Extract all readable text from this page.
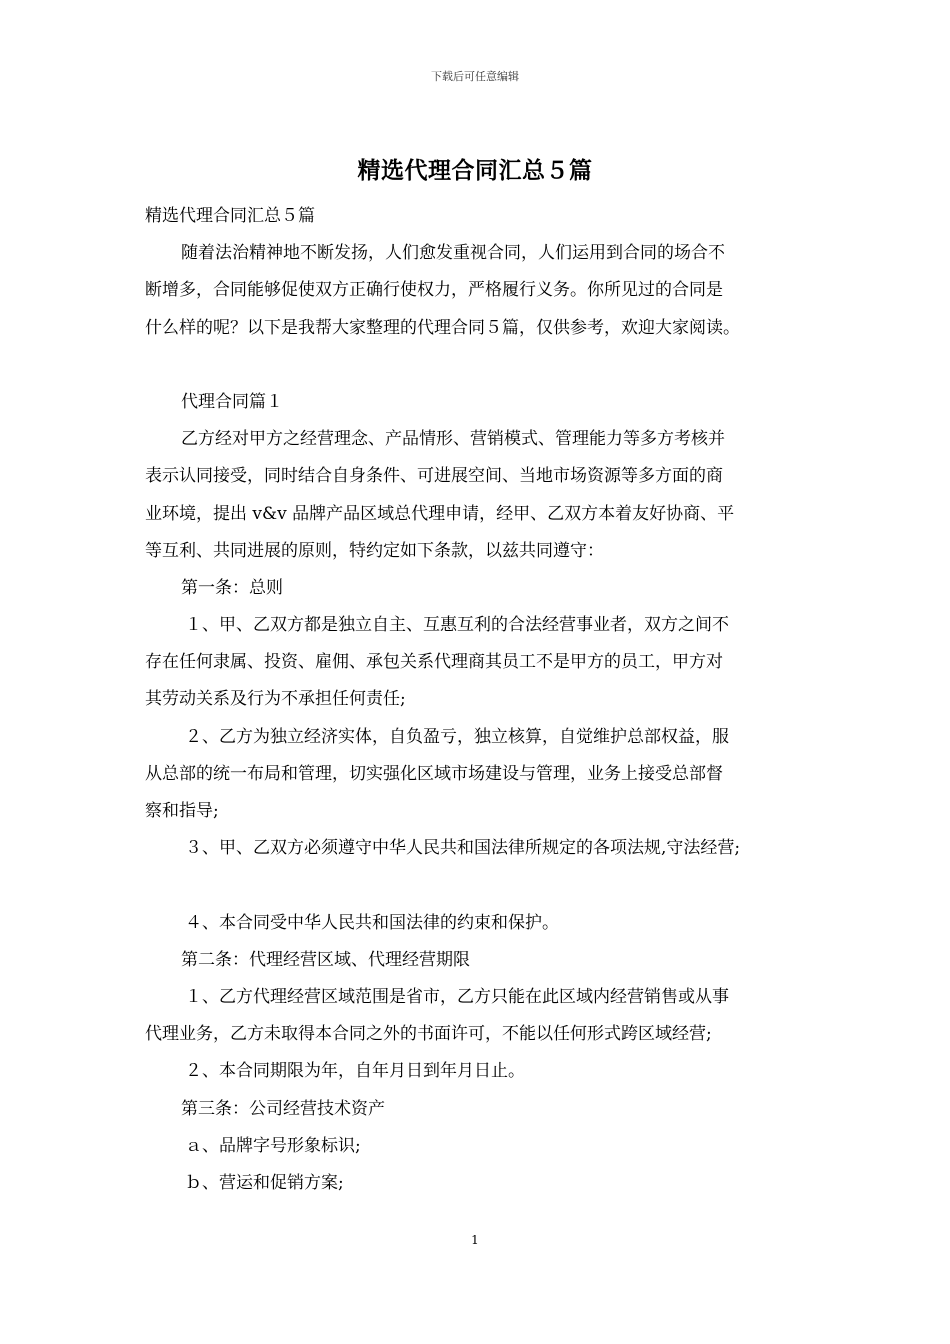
下载后可任意编辑
精选代理合同汇总５篇
精选代理合同汇总５篇
随着法治精神地不断发扬，人们愈发重视合同，人们运用到合同的场合不
断增多，合同能够促使双方正确行使权力，严格履行义务。你所见过的合同是
什么样的呢？以下是我帮大家整理的代理合同５篇，仅供参考，欢迎大家阅读。
代理合同篇１
乙方经对甲方之经营理念、产品情形、营销模式、管理能力等多方考核并
表示认同接受，同时结合自身条件、可进展空间、当地市场资源等多方面的商
业环境，提出 v&v 品牌产品区域总代理申请，经甲、乙双方本着友好协商、平
等互利、共同进展的原则，特约定如下条款，以兹共同遵守：
第一条：总则
１、甲、乙双方都是独立自主、互惠互利的合法经营事业者，双方之间不
存在任何隶属、投资、雇佣、承包关系代理商其员工不是甲方的员工，甲方对
其劳动关系及行为不承担任何责任;
２、乙方为独立经济实体，自负盈亏，独立核算，自觉维护总部权益，服
从总部的统一布局和管理，切实强化区域市场建设与管理，业务上接受总部督
察和指导;
３、甲、乙双方必须遵守中华人民共和国法律所规定的各项法规,守法经营;
４、本合同受中华人民共和国法律的约束和保护。
第二条：代理经营区域、代理经营期限
１、乙方代理经营区域范围是省市，乙方只能在此区域内经营销售或从事
代理业务，乙方未取得本合同之外的书面许可，不能以任何形式跨区域经营;
２、本合同期限为年，自年月日到年月日止。
第三条：公司经营技术资产
ａ、品牌字号形象标识;
ｂ、营运和促销方案;
1
